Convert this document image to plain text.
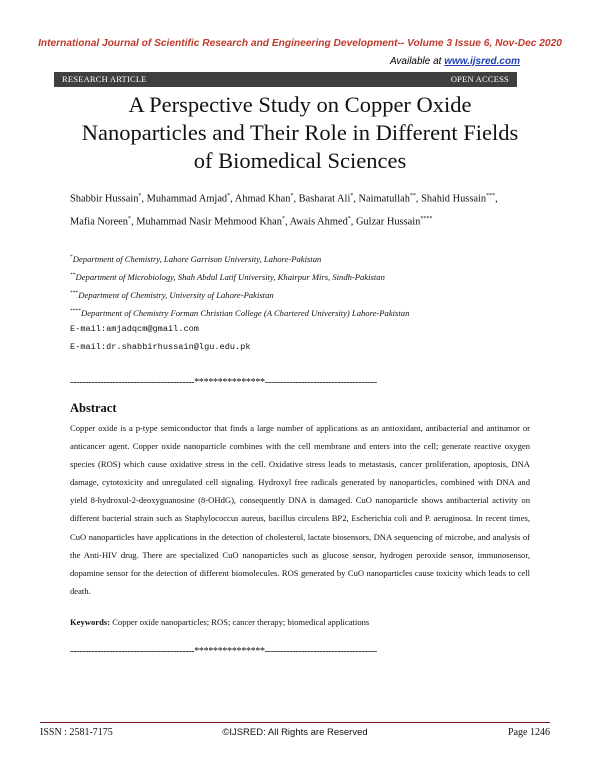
International Journal of Scientific Research and Engineering Development-- Volume 3 Issue 6, Nov-Dec 2020
Available at www.ijsred.com
RESEARCH ARTICLE	OPEN ACCESS
A Perspective Study on Copper Oxide
Nanoparticles and Their Role in Different Fields
of Biomedical Sciences
Shabbir Hussain*, Muhammad Amjad*, Ahmad Khan*, Basharat Ali*, Naimatullah**, Shahid Hussain***,
Mafia Noreen*, Muhammad Nasir Mehmood Khan*, Awais Ahmed*, Gulzar Hussain****
*Department of Chemistry, Lahore Garrison University, Lahore-Pakistan
**Department of Microbiology, Shah Abdul Latif University, Khairpur Mirs, Sindh-Pakistan
***Department of Chemistry, University of Lahore-Pakistan
****Department of Chemistry Forman Christian College (A Chartered University) Lahore-Pakistan
E-mail:amjadqcm@gmail.com
E-mail:dr.shabbirhussain@lgu.edu.pk
-----------------------------------------***************-------------------------------------
Abstract
Copper oxide is a p-type semiconductor that finds a large number of applications as an antioxidant, antibacterial and antitumor or anticancer agent. Copper oxide nanoparticle combines with the cell membrane and enters into the cell; generate reactive oxygen species (ROS) which cause oxidative stress in the cell. Oxidative stress leads to metastasis, cancer proliferation, apoptosis, DNA damage, cytotoxicity and unregulated cell signaling. Hydroxyl free radicals generated by nanoparticles, combined with DNA and yield 8-hydroxul-2-deoxyguanosine (8-OHdG), consequently DNA is damaged. CuO nanoparticle shows antibacterial activity on different bacterial strain such as Staphylococcus aureus, bacillus circulens BP2, Escherichia coli and P. aeruginosa. In recent times, CuO nanoparticles have applications in the detection of cholesterol, lactate biosensors, DNA sequencing of microbe, and analysis of the Anti-HIV drug. There are specialized CuO nanoparticles such as glucose sensor, hydrogen peroxide sensor, immunosensor, dopamine sensor for the detection of different biomolecules. ROS generated by CuO nanoparticles cause toxicity which leads to cell death.
Keywords: Copper oxide nanoparticles; ROS; cancer therapy; biomedical applications
-----------------------------------------***************-------------------------------------
ISSN : 2581-7175	©IJSRED: All Rights are Reserved	Page 1246
